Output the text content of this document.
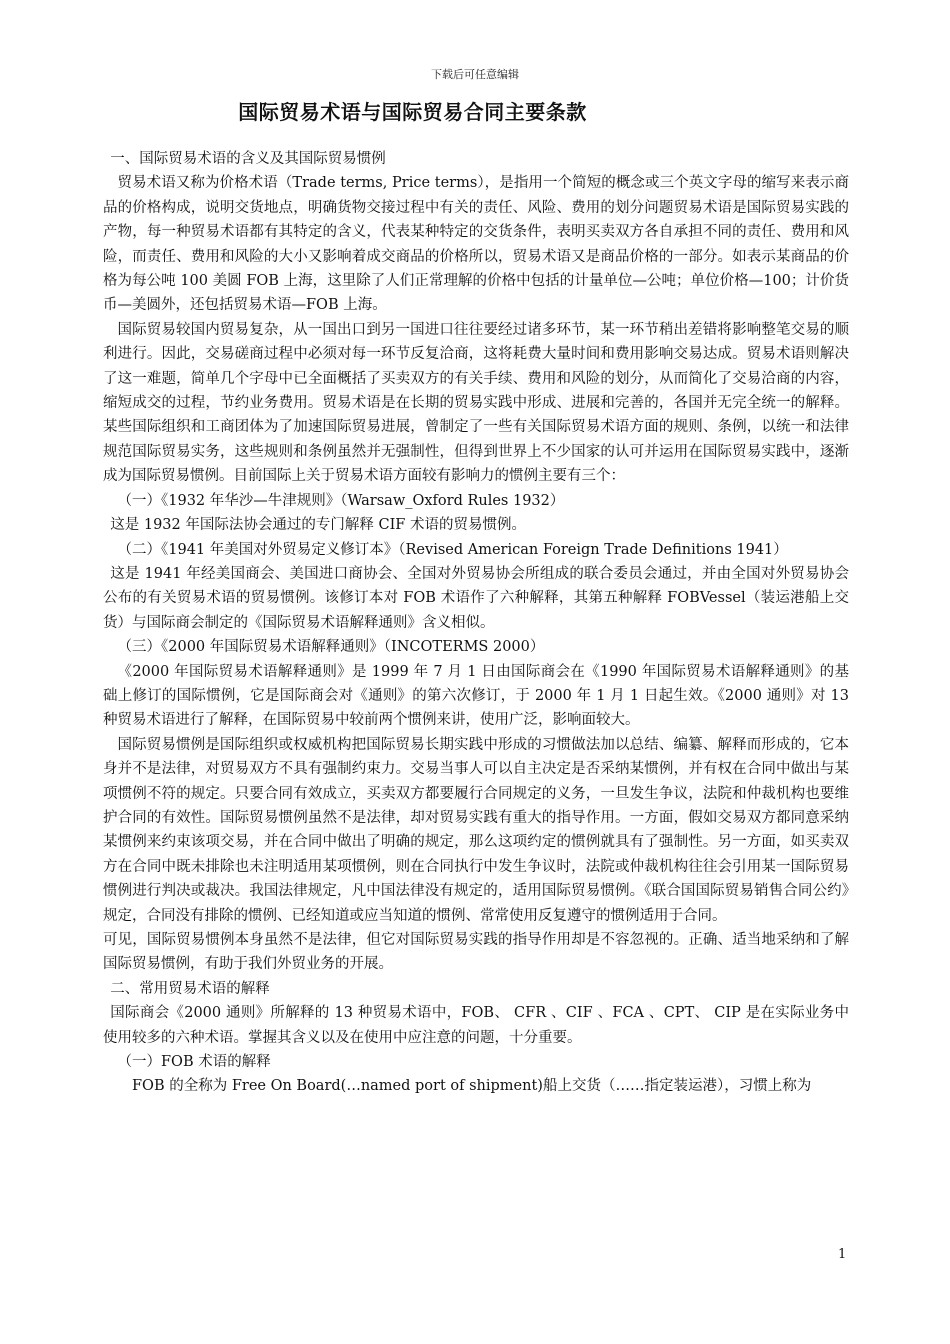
下载后可任意编辑
国际贸易术语与国际贸易合同主要条款

一、国际贸易术语的含义及其国际贸易惯例

贸易术语又称为价格术语（Trade terms, Price terms），是指用一个简短的概念或三个英文字母的缩写来表示商品的价格构成，说明交货地点，明确货物交接过程中有关的责任、风险、费用的划分问题贸易术语是国际贸易实践的产物，每一种贸易术语都有其特定的含义，代表某种特定的交货条件，表明买卖双方各自承担不同的责任、费用和风险，而责任、费用和风险的大小又影响着成交商品的价格所以，贸易术语又是商品价格的一部分。如表示某商品的价格为每公吨 100 美圆 FOB 上海，这里除了人们正常理解的价格中包括的计量单位—公吨；单位价格—100；计价货币—美圆外，还包括贸易术语—FOB 上海。

国际贸易较国内贸易复杂，从一国出口到另一国进口往往要经过诸多环节，某一环节稍出差错将影响整笔交易的顺利进行。因此，交易磋商过程中必须对每一环节反复洽商，这将耗费大量时间和费用影响交易达成。贸易术语则解决了这一难题，简单几个字母中已全面概括了买卖双方的有关手续、费用和风险的划分，从而简化了交易洽商的内容，缩短成交的过程，节约业务费用。贸易术语是在长期的贸易实践中形成、进展和完善的，各国并无完全统一的解释。某些国际组织和工商团体为了加速国际贸易进展，曾制定了一些有关国际贸易术语方面的规则、条例，以统一和法律规范国际贸易实务，这些规则和条例虽然并无强制性，但得到世界上不少国家的认可并运用在国际贸易实践中，逐渐成为国际贸易惯例。目前国际上关于贸易术语方面较有影响力的惯例主要有三个：

（一）《1932 年华沙—牛津规则》（Warsaw_Oxford Rules 1932）

这是 1932 年国际法协会通过的专门解释 CIF 术语的贸易惯例。

（二）《1941 年美国对外贸易定义修订本》（Revised American Foreign Trade Definitions 1941）

这是 1941 年经美国商会、美国进口商协会、全国对外贸易协会所组成的联合委员会通过，并由全国对外贸易协会公布的有关贸易术语的贸易惯例。该修订本对 FOB 术语作了六种解释，其第五种解释 FOBVessel（装运港船上交货）与国际商会制定的《国际贸易术语解释通则》含义相似。

（三）《2000 年国际贸易术语解释通则》（INCOTERMS 2000）

《2000 年国际贸易术语解释通则》是 1999 年 7 月 1 日由国际商会在《1990 年国际贸易术语解释通则》的基础上修订的国际惯例，它是国际商会对《通则》的第六次修订，于 2000 年 1 月 1 日起生效。《2000 通则》对 13 种贸易术语进行了解释，在国际贸易中较前两个惯例来讲，使用广泛，影响面较大。

国际贸易惯例是国际组织或权威机构把国际贸易长期实践中形成的习惯做法加以总结、编纂、解释而形成的，它本身并不是法律，对贸易双方不具有强制约束力。交易当事人可以自主决定是否采纳某惯例，并有权在合同中做出与某项惯例不符的规定。只要合同有效成立，买卖双方都要履行合同规定的义务，一旦发生争议，法院和仲裁机构也要维护合同的有效性。国际贸易惯例虽然不是法律，却对贸易实践有重大的指导作用。一方面，假如交易双方都同意采纳某惯例来约束该项交易，并在合同中做出了明确的规定，那么这项约定的惯例就具有了强制性。另一方面，如买卖双方在合同中既未排除也未注明适用某项惯例，则在合同执行中发生争议时，法院或仲裁机构往往会引用某一国际贸易惯例进行判决或裁决。我国法律规定，凡中国法律没有规定的，适用国际贸易惯例。《联合国国际贸易销售合同公约》规定，合同没有排除的惯例、已经知道或应当知道的惯例、常常使用反复遵守的惯例适用于合同。

可见，国际贸易惯例本身虽然不是法律，但它对国际贸易实践的指导作用却是不容忽视的。正确、适当地采纳和了解国际贸易惯例，有助于我们外贸业务的开展。

二、常用贸易术语的解释

国际商会《2000 通则》所解释的 13 种贸易术语中，FOB、 CFR 、CIF 、FCA 、CPT、 CIP 是在实际业务中使用较多的六种术语。掌握其含义以及在使用中应注意的问题，十分重要。

（一）FOB 术语的解释

FOB 的全称为 Free On Board(…named port of shipment)船上交货（……指定装运港），习惯上称为

1
